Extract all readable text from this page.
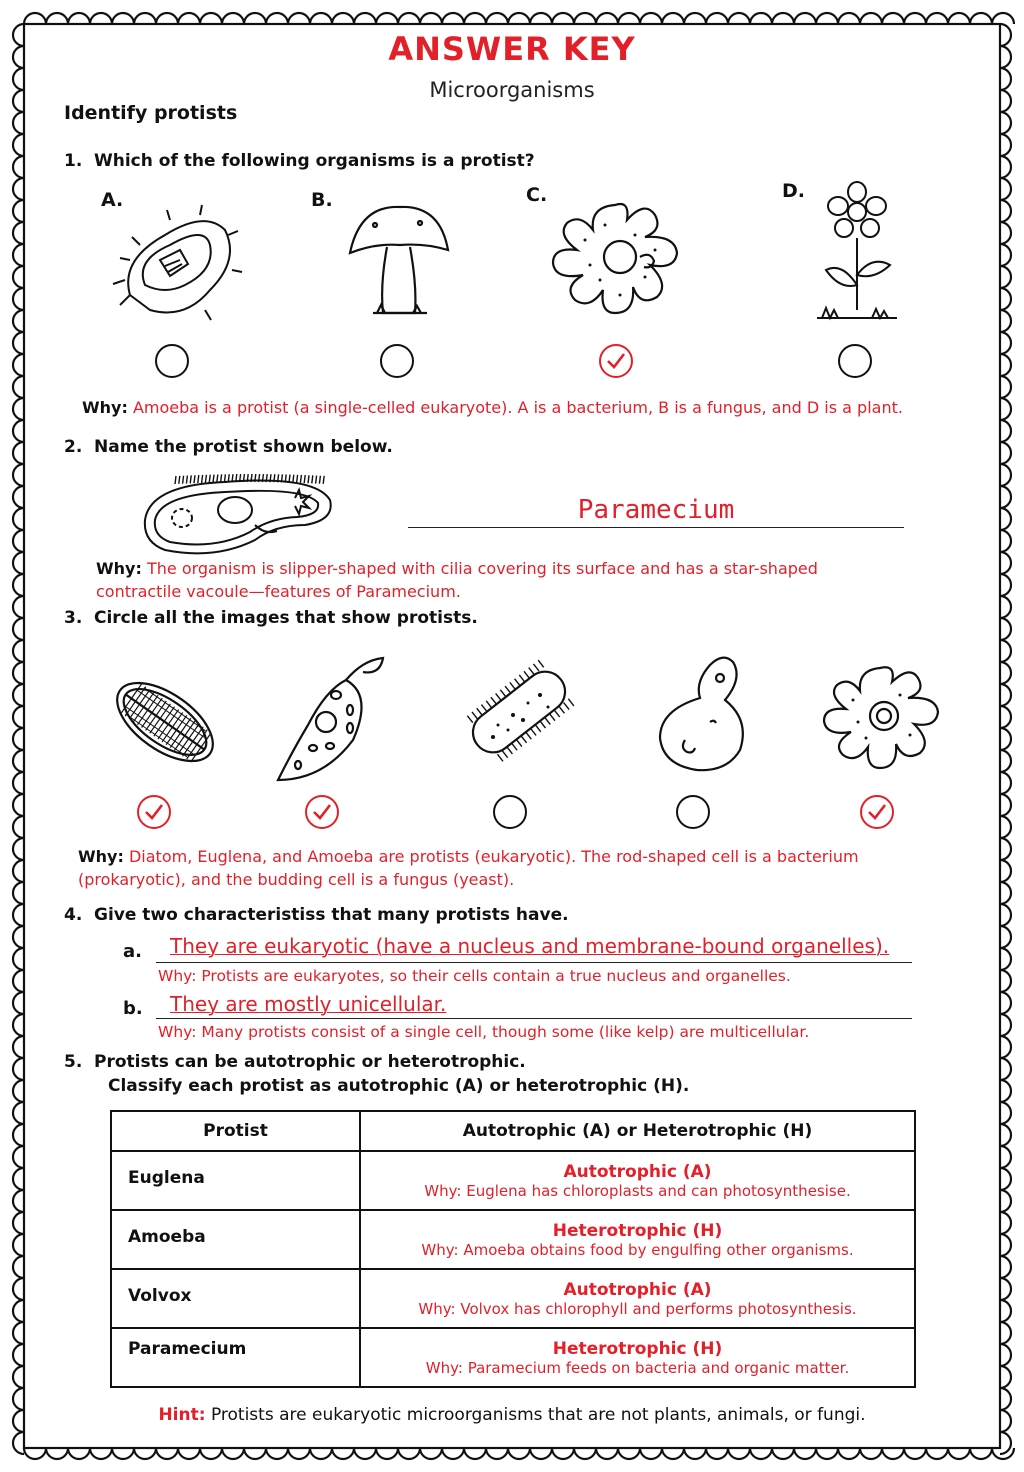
ANSWER KEY
Microorganisms
Identify protists
1. Which of the following organisms is a protist?
A.	B.	C.	D.
Why: Amoeba is a protist (a single-celled eukaryote). A is a bacterium, B is a fungus, and D is a plant.
2. Name the protist shown below.
Paramecium
Why: The organism is slipper-shaped with cilia covering its surface and has a star-shaped
contractile vacoule—features of Paramecium.
3. Circle all the images that show protists.
Why: Diatom, Euglena, and Amoeba are protists (eukaryotic). The rod-shaped cell is a bacterium
(prokaryotic), and the budding cell is a fungus (yeast).
4. Give two characteristiss that many protists have.
a.	They are eukaryotic (have a nucleus and membrane-bound organelles).
Why: Protists are eukaryotes, so their cells contain a true nucleus and organelles.
b.	They are mostly unicellular.
Why: Many protists consist of a single cell, though some (like kelp) are multicellular.
5. Protists can be autotrophic or heterotrophic.
Classify each protist as autotrophic (A) or heterotrophic (H).
Protist	Autotrophic (A) or Heterotrophic (H)
Euglena	Autotrophic (A)
Why: Euglena has chloroplasts and can photosynthesise.

Amoeba	Heterotrophic (H)
Why: Amoeba obtains food by engulfing other organisms.

Volvox	Autotrophic (A)
Why: Volvox has chlorophyll and performs photosynthesis.

Paramecium	Heterotrophic (H)
Why: Paramecium feeds on bacteria and organic matter.
Hint: Protists are eukaryotic microorganisms that are not plants, animals, or fungi.
